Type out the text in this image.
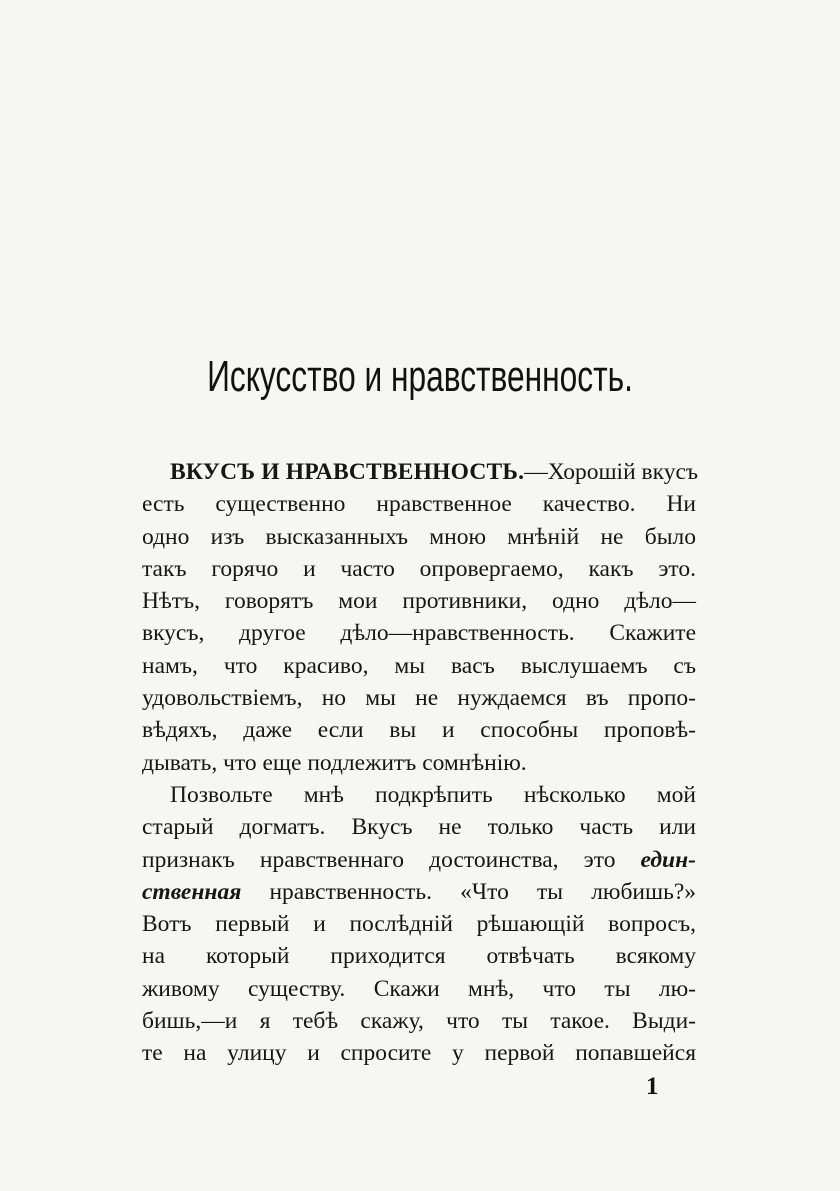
Искусство и нравственность.
ВКУСЪ И НРАВСТВЕННОСТЬ.—Хорошій вкусъ
есть существенно нравственное качество. Ни
одно изъ высказанныхъ мною мнѣній не было
такъ горячо и часто опровергаемо, какъ это.
Нѣтъ, говорятъ мои противники, одно дѣло—
вкусъ, другое дѣло—нравственность. Скажите
намъ, что красиво, мы васъ выслушаемъ съ
удовольствіемъ, но мы не нуждаемся въ пропо-
вѣдяхъ, даже если вы и способны проповѣ-
дывать, что еще подлежитъ сомнѣнію.
Позвольте мнѣ подкрѣпить нѣсколько мой
старый догматъ. Вкусъ не только часть или
признакъ нравственнаго достоинства, это един-
ственная нравственность. «Что ты любишь?»
Вотъ первый и послѣдній рѣшающій вопросъ,
на который приходится отвѣчать всякому
живому существу. Скажи мнѣ, что ты лю-
бишь,—и я тебѣ скажу, что ты такое. Выди-
те на улицу и спросите у первой попавшейся
1
